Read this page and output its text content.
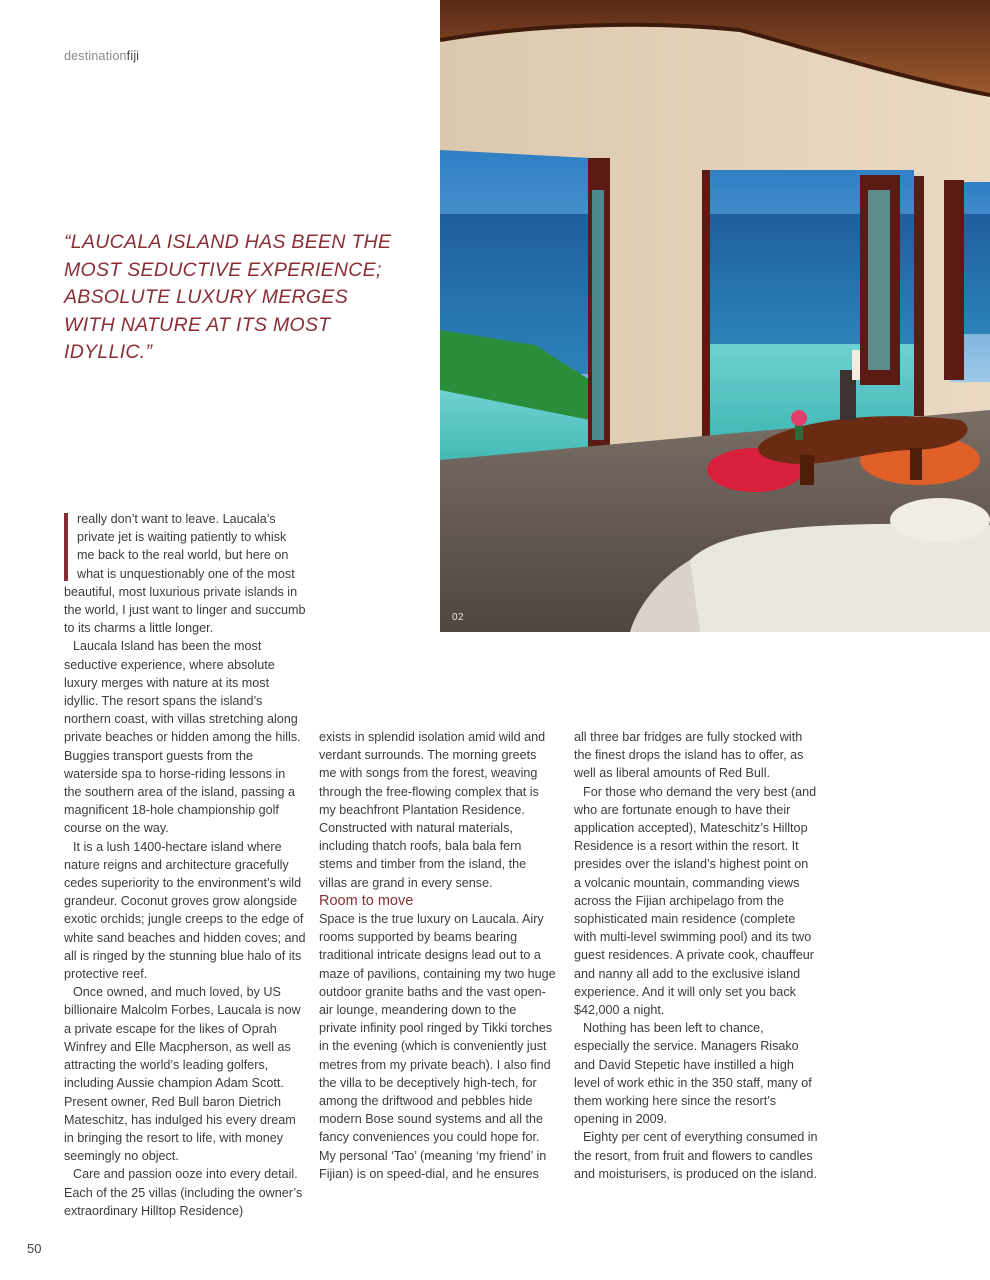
destinationfiji
02
“LAUCALA ISLAND HAS BEEN THE MOST SEDUCTIVE EXPERIENCE; ABSOLUTE LUXURY MERGES WITH NATURE AT ITS MOST IDYLLIC.”

really don’t want to leave. Laucala’s private jet is waiting patiently to whisk me back to the real world, but here on what is unquestionably one of the most beautiful, most luxurious private islands in the world, I just want to linger and succumb to its charms a little longer.

Laucala Island has been the most seductive experience, where absolute luxury merges with nature at its most idyllic. The resort spans the island’s northern coast, with villas stretching along private beaches or hidden among the hills. Buggies transport guests from the waterside spa to horse-riding lessons in the southern area of the island, passing a magnificent 18-hole championship golf course on the way.

It is a lush 1400-hectare island where nature reigns and architecture gracefully cedes superiority to the environment’s wild grandeur. Coconut groves grow alongside exotic orchids; jungle creeps to the edge of white sand beaches and hidden coves; and all is ringed by the stunning blue halo of its protective reef.

Once owned, and much loved, by US billionaire Malcolm Forbes, Laucala is now a private escape for the likes of Oprah Winfrey and Elle Macpherson, as well as attracting the world’s leading golfers, including Aussie champion Adam Scott. Present owner, Red Bull baron Dietrich Mateschitz, has indulged his every dream in bringing the resort to life, with money seemingly no object.

Care and passion ooze into every detail. Each of the 25 villas (including the owner’s extraordinary Hilltop Residence)

exists in splendid isolation amid wild and verdant surrounds. The morning greets me with songs from the forest, weaving through the free-flowing complex that is my beachfront Plantation Residence. Constructed with natural materials, including thatch roofs, bala bala fern stems and timber from the island, the villas are grand in every sense.

Room to move

Space is the true luxury on Laucala. Airy rooms supported by beams bearing traditional intricate designs lead out to a maze of pavilions, containing my two huge outdoor granite baths and the vast open-air lounge, meandering down to the private infinity pool ringed by Tikki torches in the evening (which is conveniently just metres from my private beach). I also find the villa to be deceptively high-tech, for among the driftwood and pebbles hide modern Bose sound systems and all the fancy conveniences you could hope for. My personal ‘Tao’ (meaning ‘my friend’ in Fijian) is on speed-dial, and he ensures

all three bar fridges are fully stocked with the finest drops the island has to offer, as well as liberal amounts of Red Bull.

For those who demand the very best (and who are fortunate enough to have their application accepted), Mateschitz’s Hilltop Residence is a resort within the resort. It presides over the island’s highest point on a volcanic mountain, commanding views across the Fijian archipelago from the sophisticated main residence (complete with multi-level swimming pool) and its two guest residences. A private cook, chauffeur and nanny all add to the exclusive island experience. And it will only set you back $42,000 a night.

Nothing has been left to chance, especially the service. Managers Risako and David Stepetic have instilled a high level of work ethic in the 350 staff, many of them working here since the resort’s opening in 2009.

Eighty per cent of everything consumed in the resort, from fruit and flowers to candles and moisturisers, is produced on the island.

50
